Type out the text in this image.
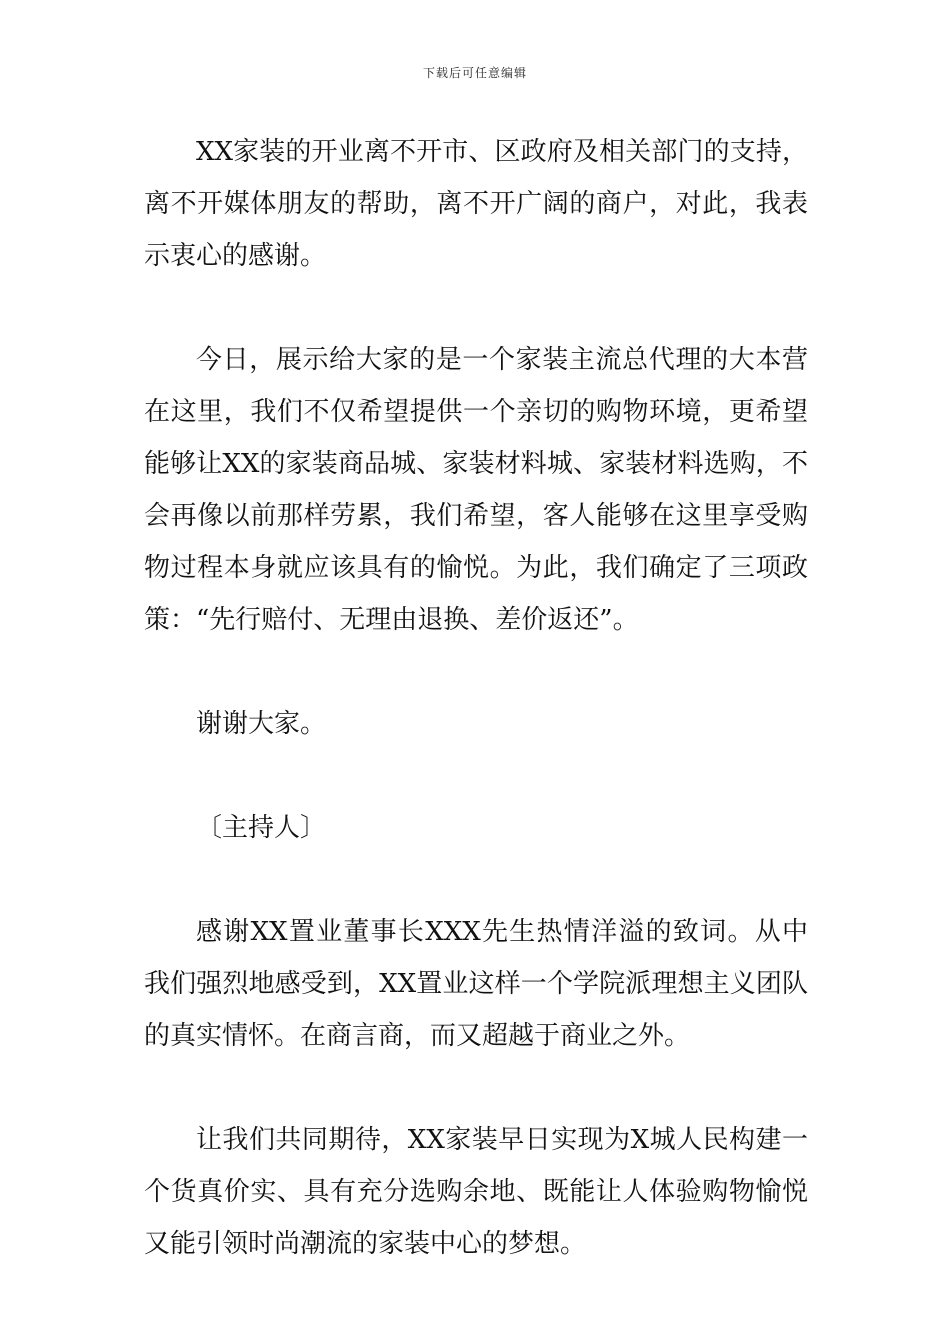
下载后可任意编辑

XX家装的开业离不开市、区政府及相关部门的支持，离不开媒体朋友的帮助，离不开广阔的商户，对此，我表示衷心的感谢。

今日，展示给大家的是一个家装主流总代理的大本营在这里，我们不仅希望提供一个亲切的购物环境，更希望能够让XX的家装商品城、家装材料城、家装材料选购，不会再像以前那样劳累，我们希望，客人能够在这里享受购物过程本身就应该具有的愉悦。为此，我们确定了三项政策：“先行赔付、无理由退换、差价返还”。

谢谢大家。

〔主持人〕

感谢XX置业董事长XXX先生热情洋溢的致词。从中我们强烈地感受到，XX置业这样一个学院派理想主义团队的真实情怀。在商言商，而又超越于商业之外。

让我们共同期待，XX家装早日实现为X城人民构建一个货真价实、具有充分选购余地、既能让人体验购物愉悦又能引领时尚潮流的家装中心的梦想。
